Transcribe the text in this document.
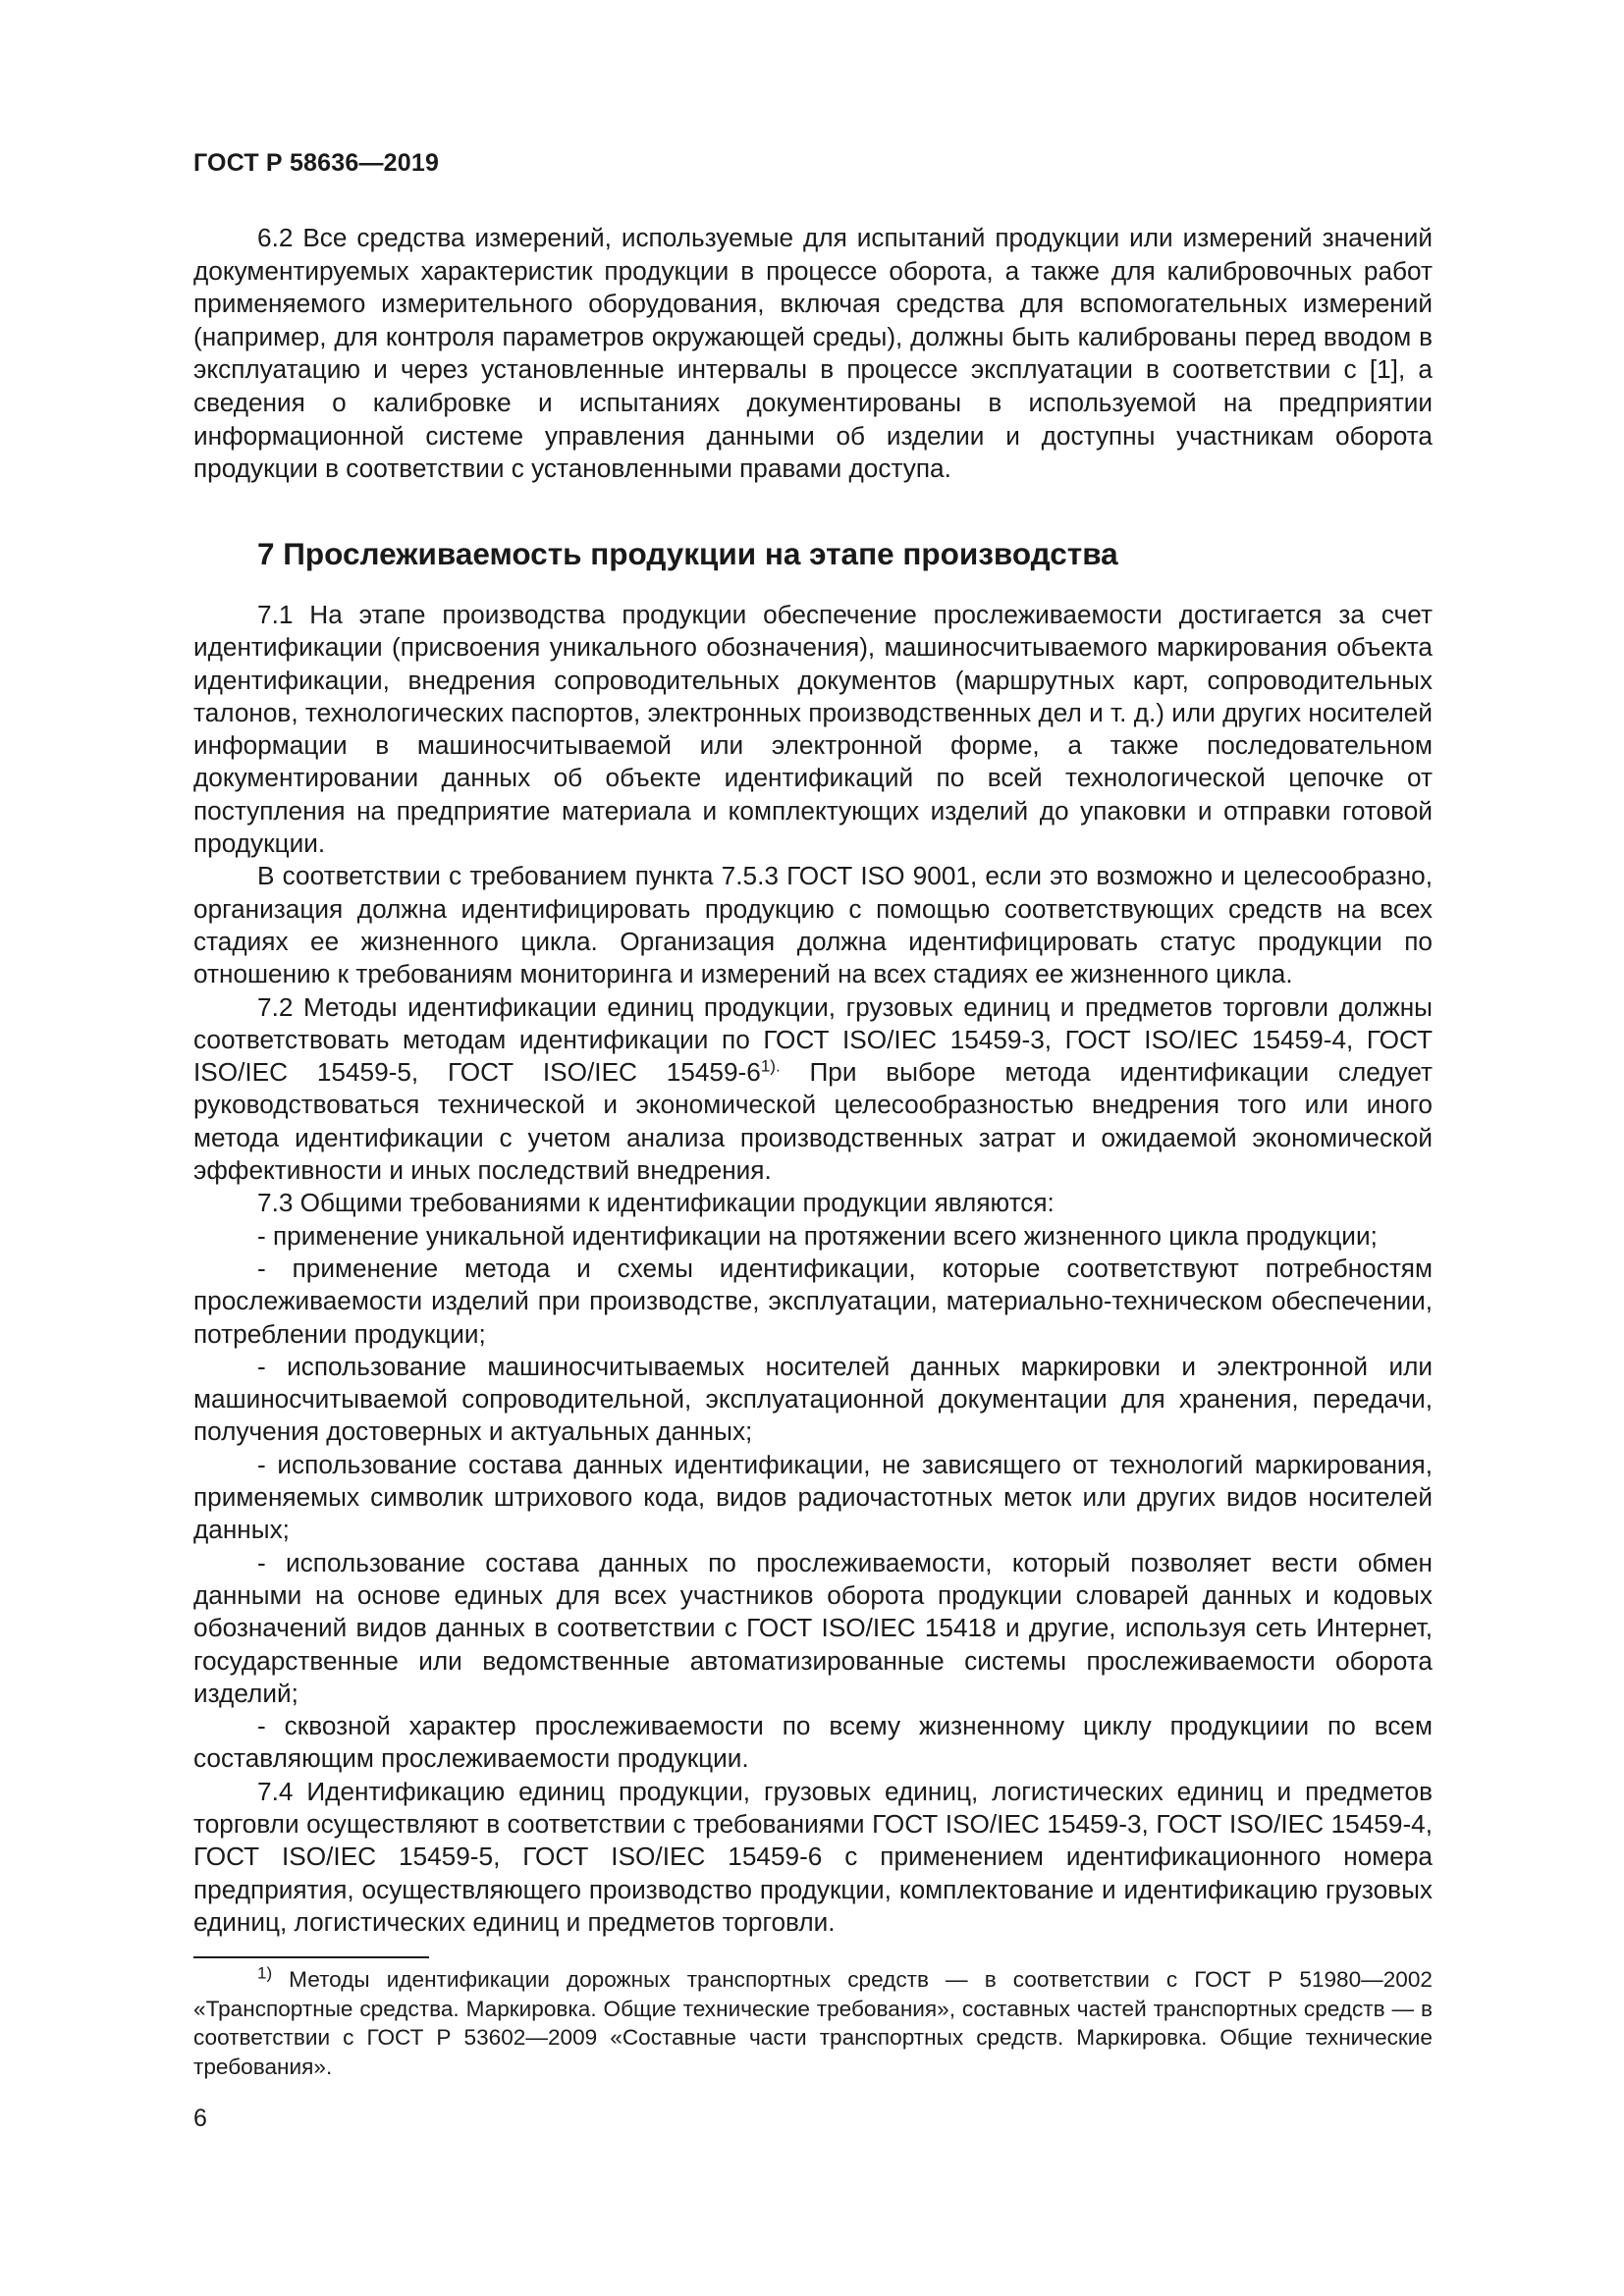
ГОСТ Р 58636—2019

6.2 Все средства измерений, используемые для испытаний продукции или измерений значений документируемых характеристик продукции в процессе оборота, а также для калибровочных работ применяемого измерительного оборудования, включая средства для вспомогательных измерений (например, для контроля параметров окружающей среды), должны быть калиброваны перед вводом в эксплуатацию и через установленные интервалы в процессе эксплуатации в соответствии с [1], а сведения о калибровке и испытаниях документированы в используемой на предприятии информационной системе управления данными об изделии и доступны участникам оборота продукции в соответствии с установленными правами доступа.

7 Прослеживаемость продукции на этапе производства

7.1 На этапе производства продукции обеспечение прослеживаемости достигается за счет идентификации (присвоения уникального обозначения), машиносчитываемого маркирования объекта идентификации, внедрения сопроводительных документов (маршрутных карт, сопроводительных талонов, технологических паспортов, электронных производственных дел и т. д.) или других носителей информации в машиносчитываемой или электронной форме, а также последовательном документировании данных об объекте идентификаций по всей технологической цепочке от поступления на предприятие материала и комплектующих изделий до упаковки и отправки готовой продукции.

В соответствии с требованием пункта 7.5.3 ГОСТ ISO 9001, если это возможно и целесообразно, организация должна идентифицировать продукцию с помощью соответствующих средств на всех стадиях ее жизненного цикла. Организация должна идентифицировать статус продукции по отношению к требованиям мониторинга и измерений на всех стадиях ее жизненного цикла.

7.2 Методы идентификации единиц продукции, грузовых единиц и предметов торговли должны соответствовать методам идентификации по ГОСТ ISO/IEC 15459-3, ГОСТ ISO/IEC 15459-4, ГОСТ ISO/IEC 15459-5, ГОСТ ISO/IEC $15459-6^{1).}$ При выборе метода идентификации следует руководствоваться технической и экономической целесообразностью внедрения того или иного метода идентификации с учетом анализа производственных затрат и ожидаемой экономической эффективности и иных последствий внедрения.

7.3 Общими требованиями к идентификации продукции являются:

- применение уникальной идентификации на протяжении всего жизненного цикла продукции;

- применение метода и схемы идентификации, которые соответствуют потребностям прослеживаемости изделий при производстве, эксплуатации, материально-техническом обеспечении, потреблении продукции;

- использование машиносчитываемых носителей данных маркировки и электронной или машиносчитываемой сопроводительной, эксплуатационной документации для хранения, передачи, получения достоверных и актуальных данных;

- использование состава данных идентификации, не зависящего от технологий маркирования, применяемых символик штрихового кода, видов радиочастотных меток или других видов носителей данных;

- использование состава данных по прослеживаемости, который позволяет вести обмен данными на основе единых для всех участников оборота продукции словарей данных и кодовых обозначений видов данных в соответствии с ГОСТ ISO/IEC 15418 и другие, используя сеть Интернет, государственные или ведомственные автоматизированные системы прослеживаемости оборота изделий;

- сквозной характер прослеживаемости по всему жизненному циклу продукциии по всем составляющим прослеживаемости продукции.

7.4 Идентификацию единиц продукции, грузовых единиц, логистических единиц и предметов торговли осуществляют в соответствии с требованиями ГОСТ ISO/IEC 15459-3, ГОСТ ISO/IEC 15459-4, ГОСТ ISO/IEC 15459-5, ГОСТ ISO/IEC 15459-6 с применением идентификационного номера предприятия, осуществляющего производство продукции, комплектование и идентификацию грузовых единиц, логистических единиц и предметов торговли.

$^{1)}$ Методы идентификации дорожных транспортных средств — в соответствии с ГОСТ Р 51980—2002 «Транспортные средства. Маркировка. Общие технические требования», составных частей транспортных средств — в соответствии с ГОСТ Р 53602—2009 «Составные части транспортных средств. Маркировка. Общие технические требования».

6
